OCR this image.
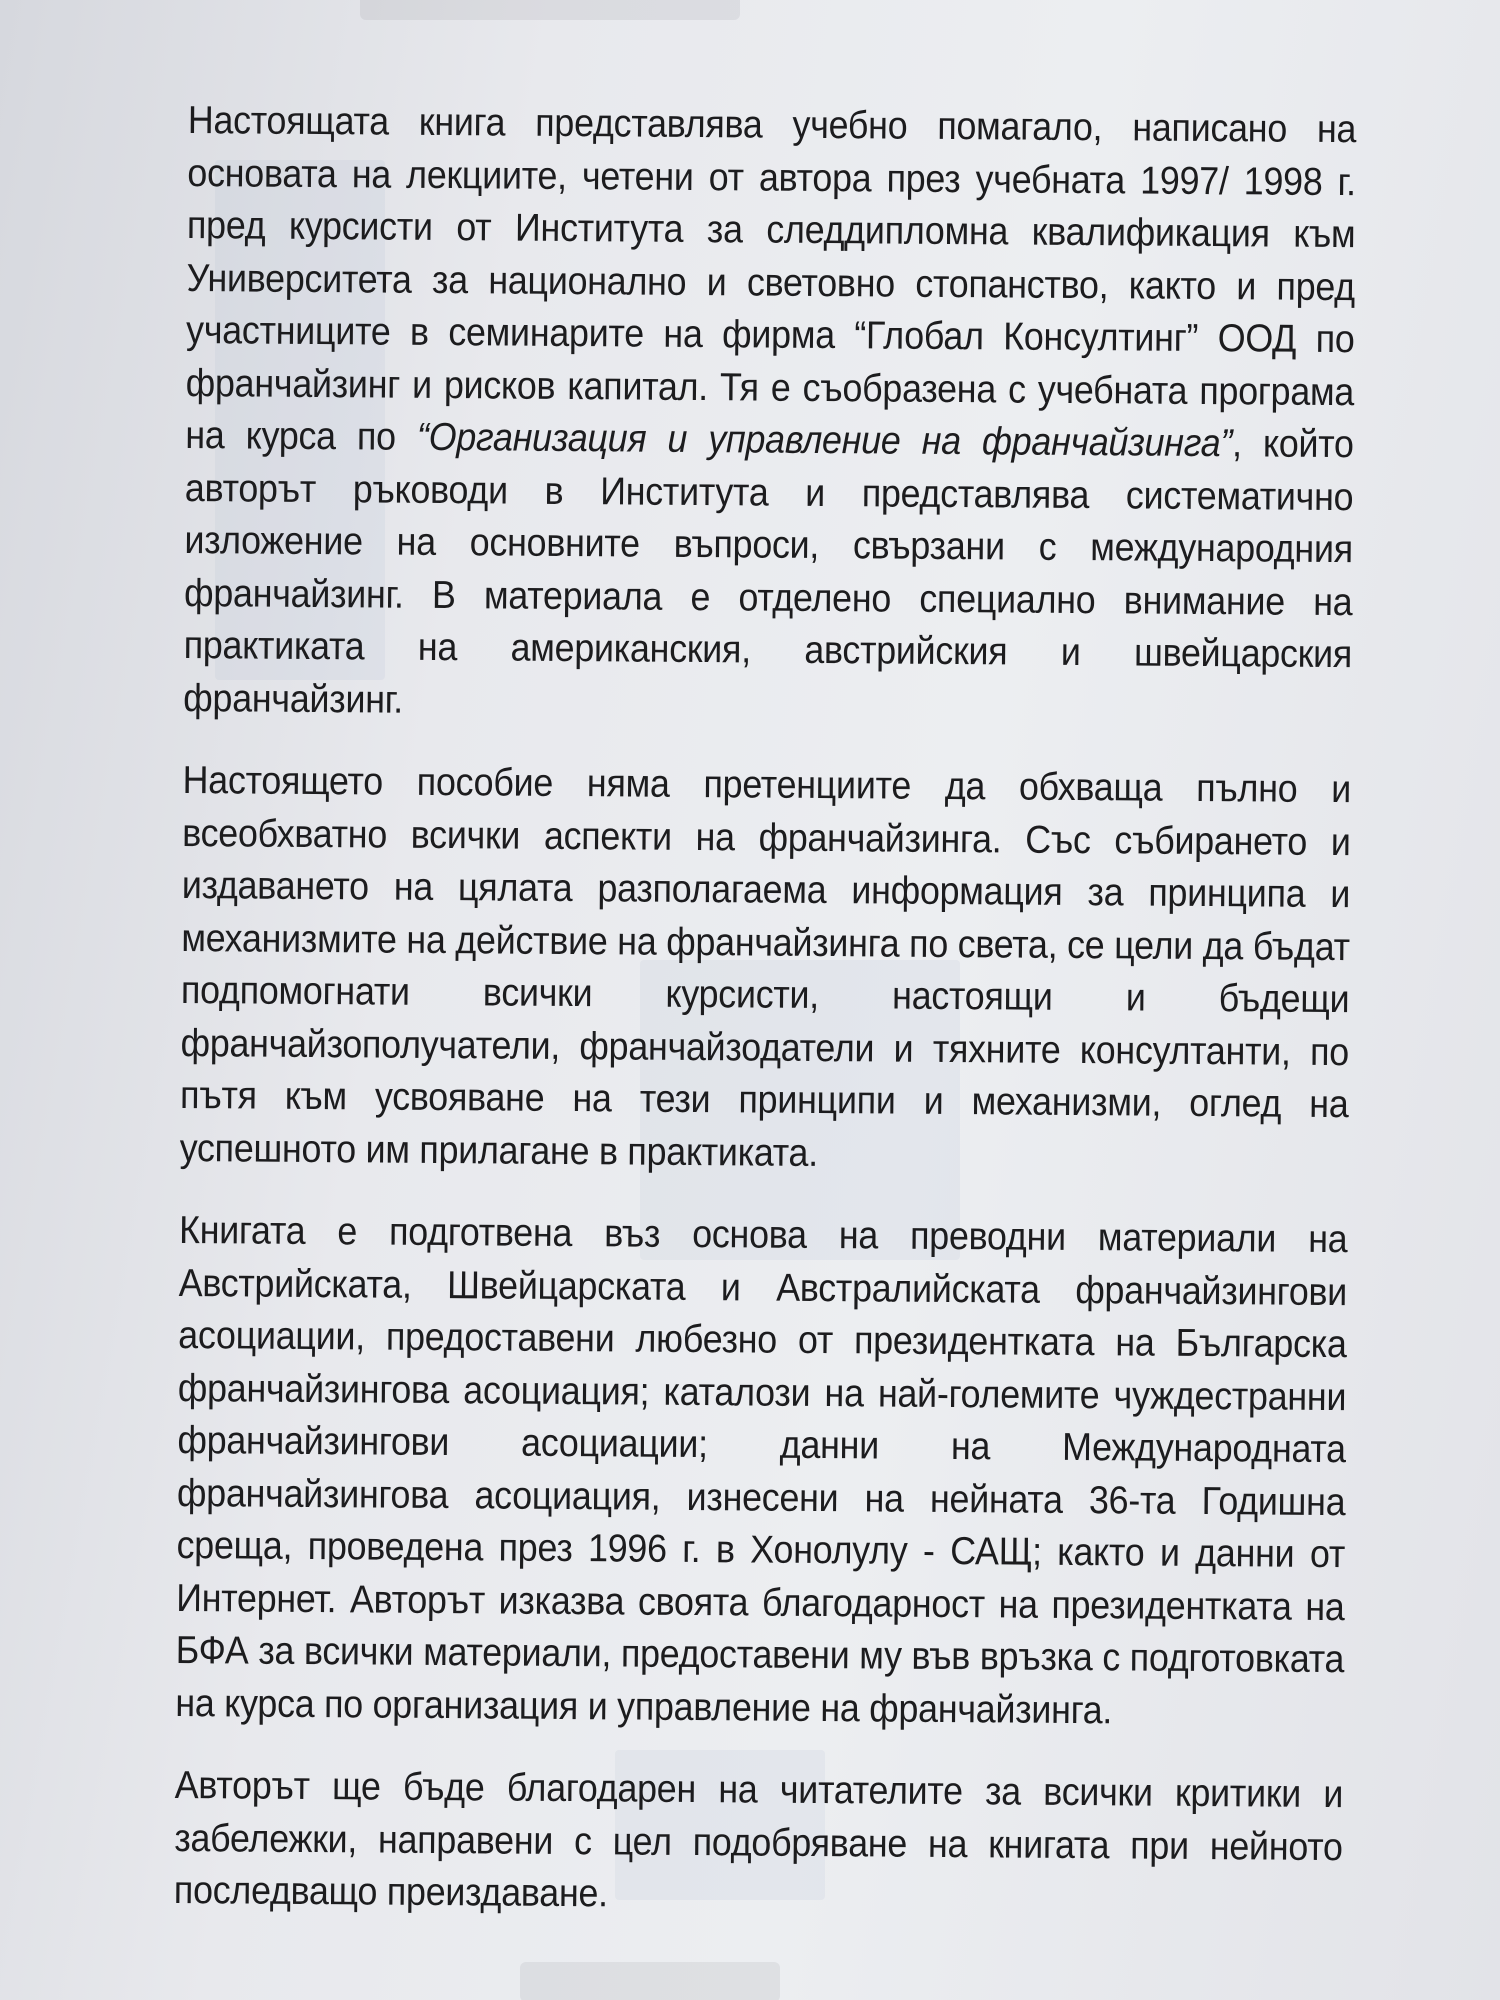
Настоящата книга представлява учебно помагало, написано на основата на лекциите, четени от автора през учебната 1997/ 1998 г. пред курсисти от Института за следдипломна квалификация към Университета за национално и световно стопанство, както и пред участниците в семинарите на фирма “Глобал Консултинг” ООД по франчайзинг и рисков капитал. Тя е съобразена с учебната програма на курса по “Организация и управление на франчайзинга”, който авторът ръководи в Института и представлява систематично изложение на основните въпроси, свързани с международния франчайзинг. В материала е отделено специално внимание на практиката на американския, австрийския и швейцарския франчайзинг.

Настоящето пособие няма претенциите да обхваща пълно и всеобхватно всички аспекти на франчайзинга. Със събирането и издаването на цялата разполагаема информация за принципа и механизмите на действие на франчайзинга по света, се цели да бъдат подпомогнати всички курсисти, настоящи и бъдещи франчайзополучатели, франчайзодатели и тяхните консултанти, по пътя към усвояване на тези принципи и механизми, оглед на успешното им прилагане в практиката.

Книгата е подготвена въз основа на преводни материали на Австрийската, Швейцарската и Австралийската франчайзингови асоциации, предоставени любезно от президентката на Българска франчайзингова асоциация; каталози на най-големите чуждестранни франчайзингови асоциации; данни на Международната франчайзингова асоциация, изнесени на нейната 36-та Годишна среща, проведена през 1996 г. в Хонолулу - САЩ; както и данни от Интернет. Авторът изказва своята благодарност на президентката на БФА за всички материали, предоставени му във връзка с подготовката на курса по организация и управление на франчайзинга.

Авторът ще бъде благодарен на читателите за всички критики и забележки, направени с цел подобряване на книгата при нейното последващо преиздаване.
